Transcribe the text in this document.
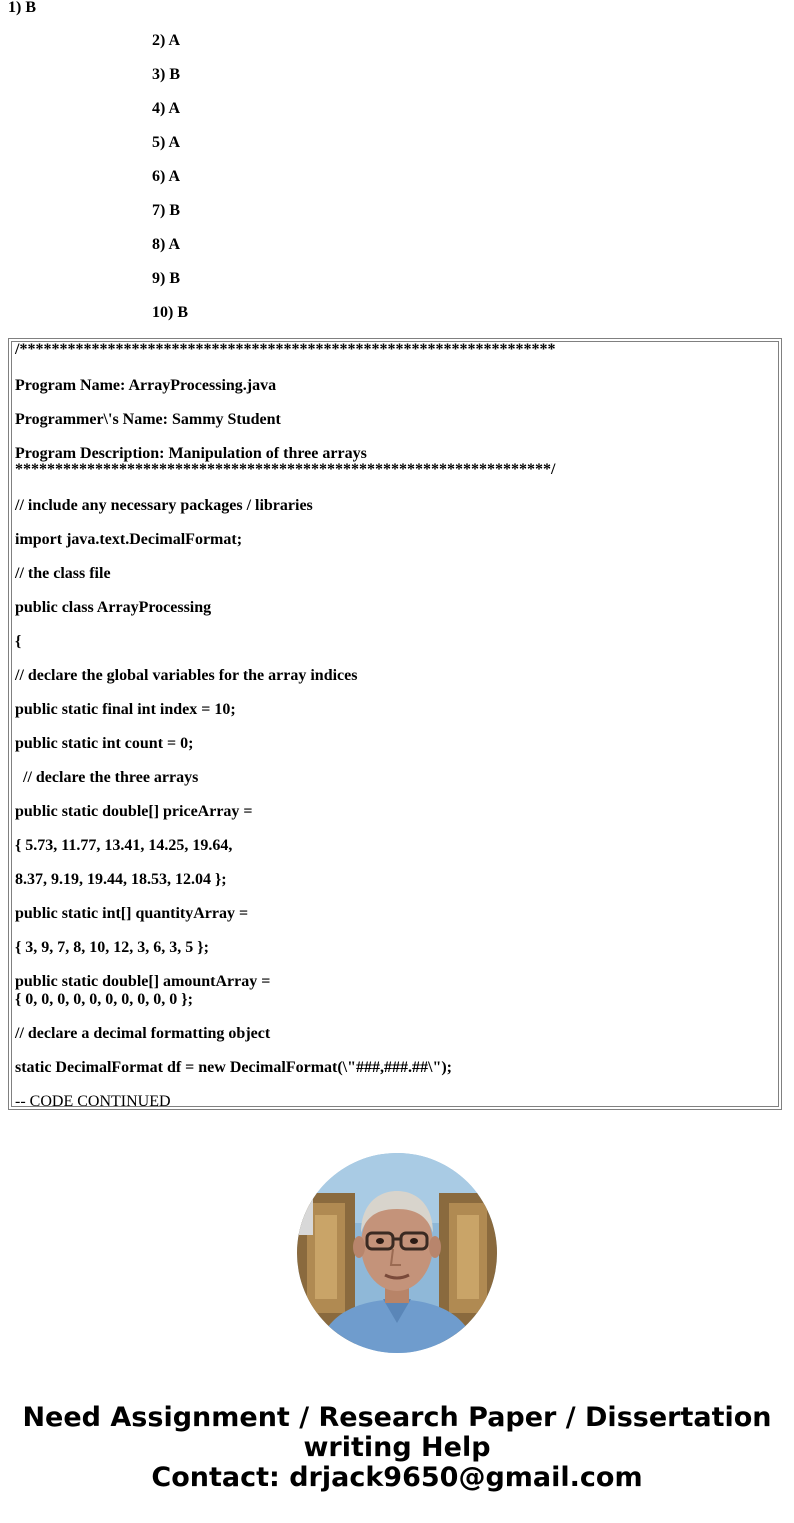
1) B
2) A
3) B
4) A
5) A
6) A
7) B
8) A
9) B
10) B
/*******************************************************************
Program Name: ArrayProcessing.java
Programmer\'s Name: Sammy Student
Program Description: Manipulation of three arrays
*******************************************************************/
// include any necessary packages / libraries
import java.text.DecimalFormat;
// the class file
public class ArrayProcessing
{
// declare the global variables for the array indices
public static final int index = 10;
public static int count = 0;
// declare the three arrays
public static double[] priceArray =
{ 5.73, 11.77, 13.41, 14.25, 19.64,
8.37, 9.19, 19.44, 18.53, 12.04 };
public static int[] quantityArray =
{ 3, 9, 7, 8, 10, 12, 3, 6, 3, 5 };
public static double[] amountArray =
{ 0, 0, 0, 0, 0, 0, 0, 0, 0, 0 };
// declare a decimal formatting object
static DecimalFormat df = new DecimalFormat(\"###,###.##\");
-- CODE CONTINUED
Need Assignment / Research Paper / Dissertation
writing Help
Contact: drjack9650@gmail.com
